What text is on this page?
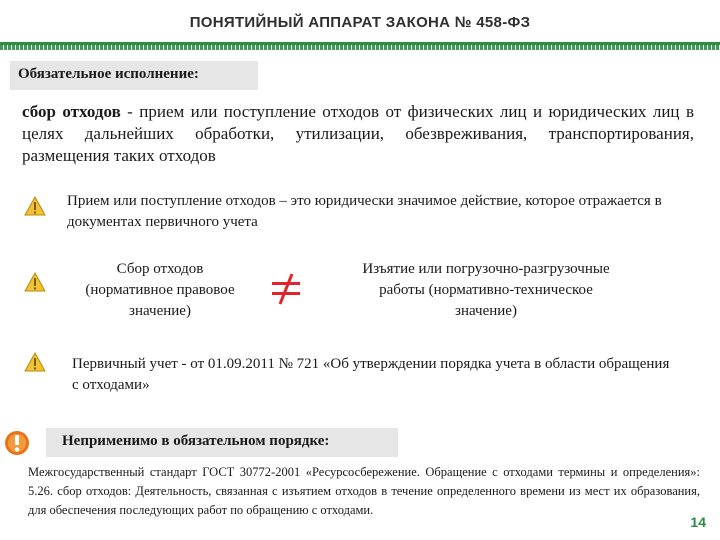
ПОНЯТИЙНЫЙ АППАРАТ ЗАКОНА № 458-ФЗ
Обязательное исполнение:
сбор отходов - прием или поступление отходов от физических лиц и юридических лиц в целях дальнейших обработки, утилизации, обезвреживания, транспортирования, размещения таких отходов
Прием или поступление отходов – это юридически значимое действие, которое отражается в документах первичного учета
Сбор отходов
(нормативное правовое
значение)
Изъятие или погрузочно-разгрузочные
работы (нормативно-техническое
значение)
Первичный учет - от 01.09.2011 № 721 «Об утверждении порядка учета в области обращения с отходами»
Неприменимо в обязательном порядке:
Межгосударственный стандарт ГОСТ 30772-2001 «Ресурсосбережение. Обращение с отходами термины и определения»: 5.26. сбор отходов: Деятельность, связанная с изъятием отходов в течение определенного времени из мест их образования, для обеспечения последующих работ по обращению с отходами.
14
